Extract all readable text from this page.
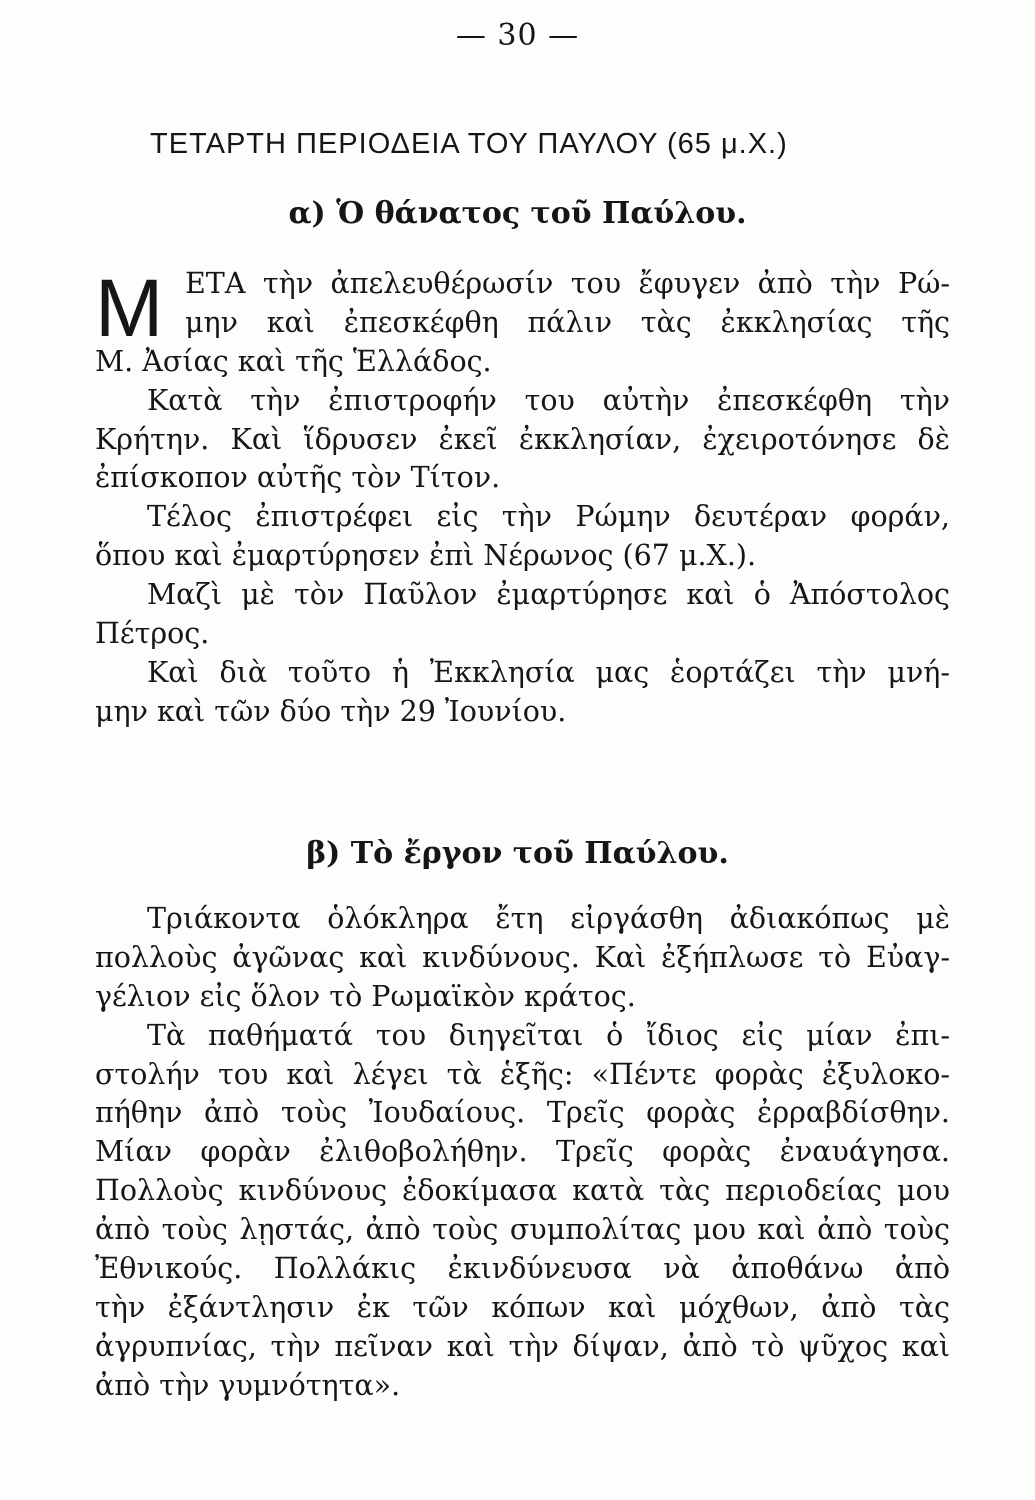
— 30 —
ΤΕΤΑΡΤΗ ΠΕΡΙΟΔΕΙΑ ΤΟΥ ΠΑΥΛΟΥ (65 μ.Χ.)
α) Ὁ θάνατος τοῦ Παύλου.
Μ ΕΤΑ τὴν ἀπελευθέρωσίν του ἔφυγεν ἀπὸ τὴν Ρώ-
μην καὶ ἐπεσκέφθη πάλιν τὰς ἐκκλησίας τῆς
Μ. Ἀσίας καὶ τῆς Ἑλλάδος.
Κατὰ τὴν ἐπιστροφήν του αὐτὴν ἐπεσκέφθη τὴν
Κρήτην. Καὶ ἵδρυσεν ἐκεῖ ἐκκλησίαν, ἐχειροτόνησε δὲ
ἐπίσκοπον αὐτῆς τὸν Τίτον.
Τέλος ἐπιστρέφει εἰς τὴν Ρώμην δευτέραν φοράν,
ὅπου καὶ ἐμαρτύρησεν ἐπὶ Νέρωνος (67 μ.Χ.).
Μαζὶ μὲ τὸν Παῦλον ἐμαρτύρησε καὶ ὁ Ἀπόστολος
Πέτρος.
Καὶ διὰ τοῦτο ἡ Ἐκκλησία μας ἑορτάζει τὴν μνή-
μην καὶ τῶν δύο τὴν 29 Ἰουνίου.
β) Τὸ ἔργον τοῦ Παύλου.
Τριάκοντα ὁλόκληρα ἔτη εἰργάσθη ἀδιακόπως μὲ
πολλοὺς ἀγῶνας καὶ κινδύνους. Καὶ ἐξήπλωσε τὸ Εὐαγ-
γέλιον εἰς ὅλον τὸ Ρωμαϊκὸν κράτος.
Τὰ παθήματά του διηγεῖται ὁ ἴδιος εἰς μίαν ἐπι-
στολήν του καὶ λέγει τὰ ἑξῆς: «Πέντε φορὰς ἐξυλοκο-
πήθην ἀπὸ τοὺς Ἰουδαίους. Τρεῖς φορὰς ἐρραβδίσθην.
Μίαν φορὰν ἐλιθοβολήθην. Τρεῖς φορὰς ἐναυάγησα.
Πολλοὺς κινδύνους ἐδοκίμασα κατὰ τὰς περιοδείας μου
ἀπὸ τοὺς λῃστάς, ἀπὸ τοὺς συμπολίτας μου καὶ ἀπὸ τοὺς
Ἐθνικούς. Πολλάκις ἐκινδύνευσα νὰ ἀποθάνω ἀπὸ
τὴν ἐξάντλησιν ἐκ τῶν κόπων καὶ μόχθων, ἀπὸ τὰς
ἀγρυπνίας, τὴν πεῖναν καὶ τὴν δίψαν, ἀπὸ τὸ ψῦχος καὶ
ἀπὸ τὴν γυμνότητα».
